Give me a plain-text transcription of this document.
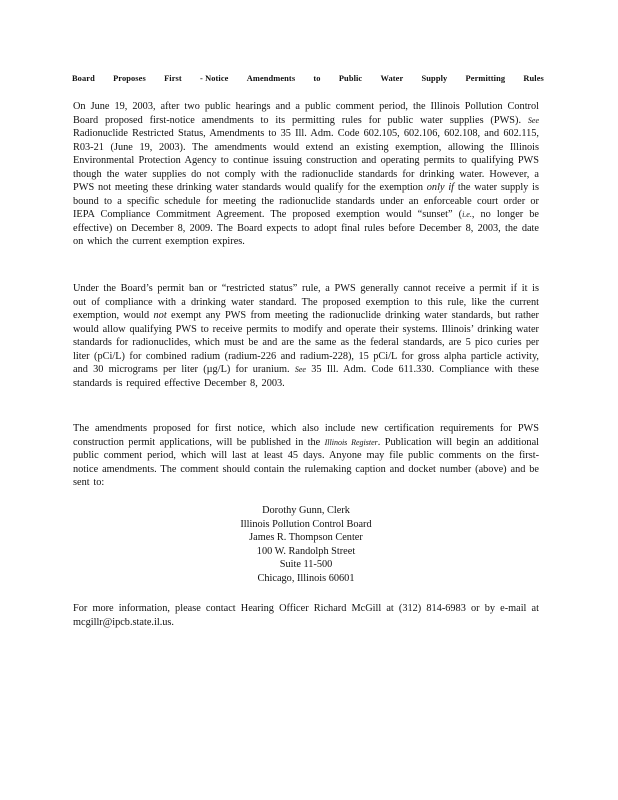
Board Proposes First - Notice Amendments to Public Water Supply Permitting Rules

On June 19, 2003, after two public hearings and a public comment period, the Illinois Pollution Control Board proposed first-notice amendments to its permitting rules for public water supplies (PWS). See Radionuclide Restricted Status, Amendments to 35 Ill. Adm. Code 602.105, 602.106, 602.108, and 602.115, R03-21 (June 19, 2003). The amendments would extend an existing exemption, allowing the Illinois Environmental Protection Agency to continue issuing construction and operating permits to qualifying PWS though the water supplies do not comply with the radionuclide standards for drinking water. However, a PWS not meeting these drinking water standards would qualify for the exemption only if the water supply is bound to a specific schedule for meeting the radionuclide standards under an enforceable court order or IEPA Compliance Commitment Agreement. The proposed exemption would “sunset” (i.e., no longer be effective) on December 8, 2009. The Board expects to adopt final rules before December 8, 2003, the date on which the current exemption expires.

Under the Board’s permit ban or “restricted status” rule, a PWS generally cannot receive a permit if it is out of compliance with a drinking water standard. The proposed exemption to this rule, like the current exemption, would not exempt any PWS from meeting the radionuclide drinking water standards, but rather would allow qualifying PWS to receive permits to modify and operate their systems. Illinois’ drinking water standards for radionuclides, which must be and are the same as the federal standards, are 5 pico curies per liter (pCi/L) for combined radium (radium-226 and radium-228), 15 pCi/L for gross alpha particle activity, and 30 micrograms per liter (µg/L) for uranium. See 35 Ill. Adm. Code 611.330. Compliance with these standards is required effective December 8, 2003.

The amendments proposed for first notice, which also include new certification requirements for PWS construction permit applications, will be published in the Illinois Register. Publication will begin an additional public comment period, which will last at least 45 days. Anyone may file public comments on the first-notice amendments. The comment should contain the rulemaking caption and docket number (above) and be sent to:

Dorothy Gunn, Clerk
Illinois Pollution Control Board
James R. Thompson Center
100 W. Randolph Street
Suite 11-500
Chicago, Illinois 60601

For more information, please contact Hearing Officer Richard McGill at (312) 814-6983 or by e-mail at mcgillr@ipcb.state.il.us.
